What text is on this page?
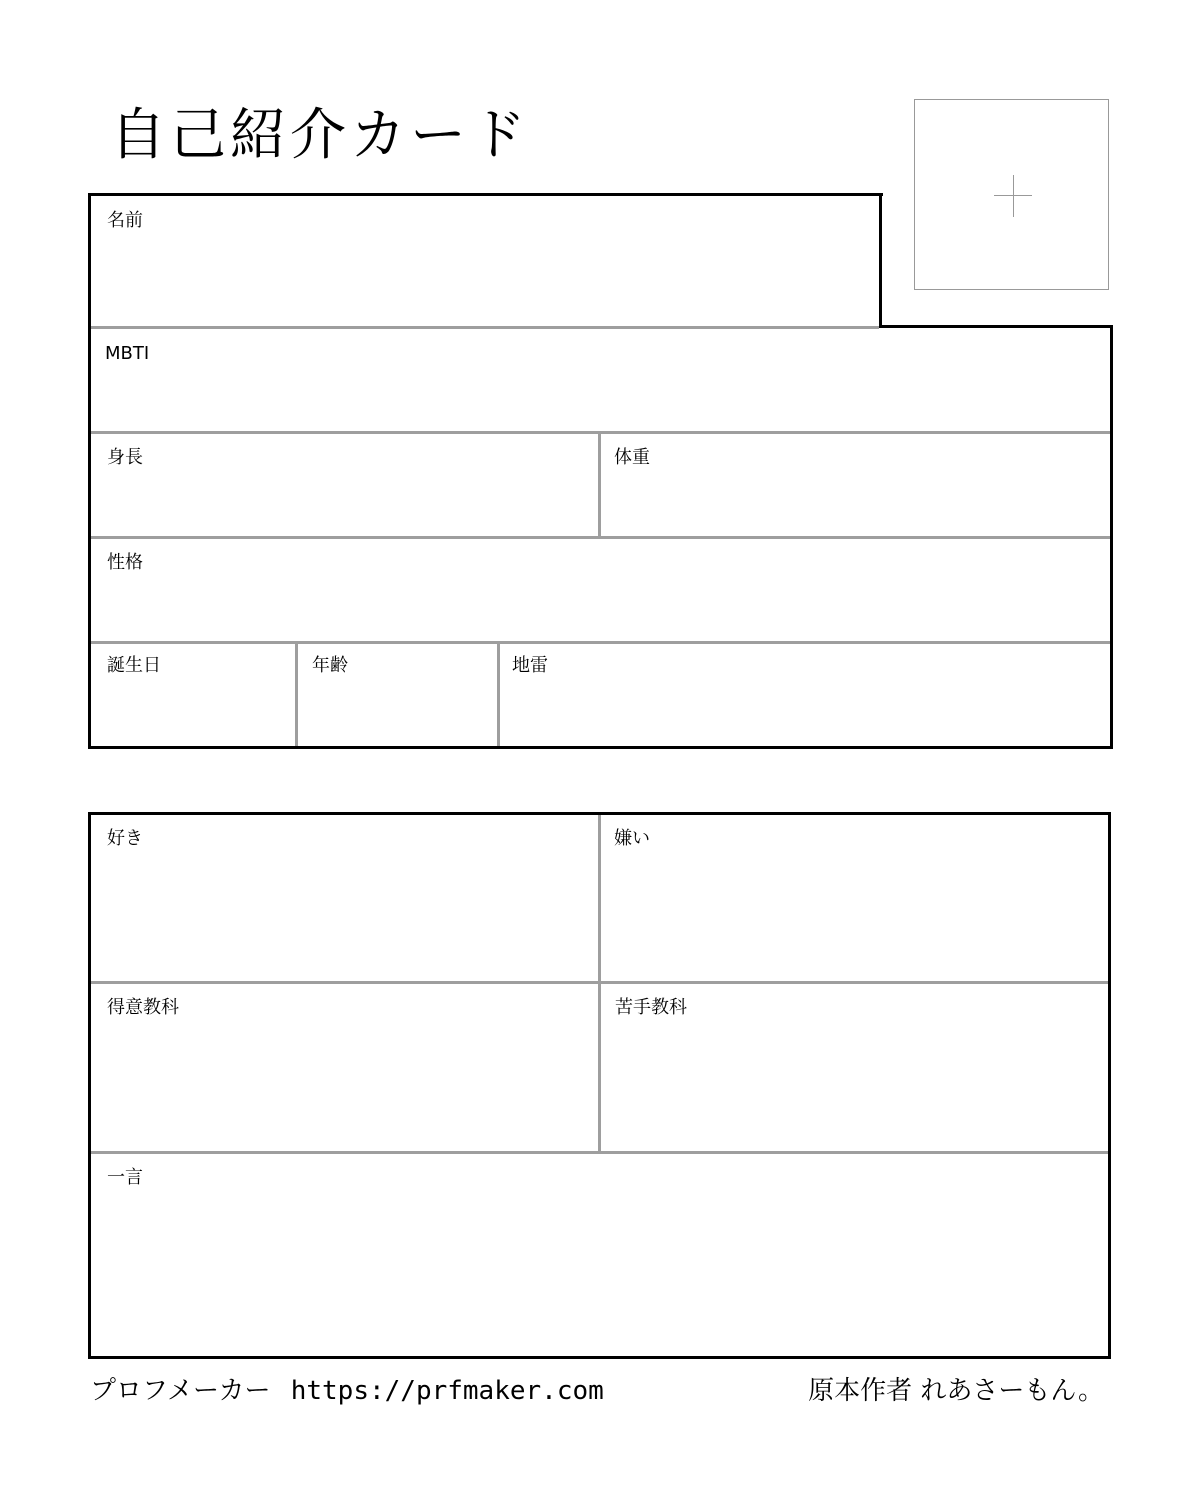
自己紹介カード
名前
MBTI
身長	体重
性格
誕生日	年齢	地雷
好き	嫌い
得意教科	苦手教科
一言
プロフメーカー https://prfmaker.com	原本作者 れあさーもん。
